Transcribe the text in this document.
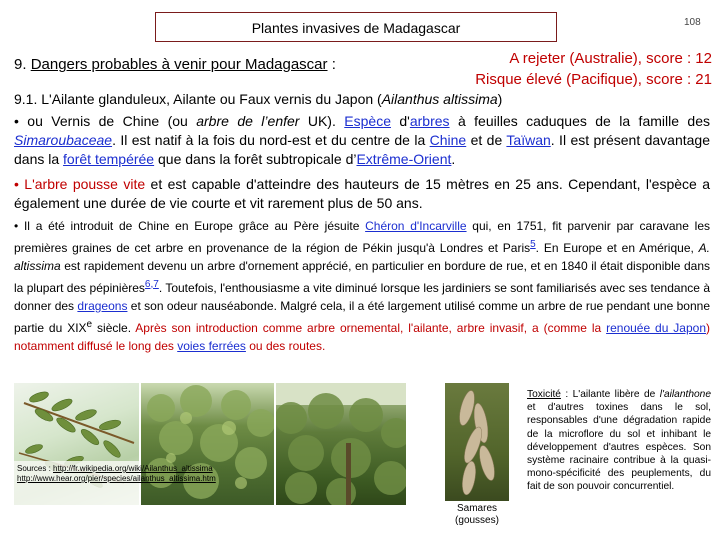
Plantes invasives de Madagascar	108
9. Dangers probables à venir pour Madagascar :	A rejeter (Australie), score : 12
Risque élevé (Pacifique), score : 21
9.1. L'Ailante glanduleux, Ailante ou Faux vernis du Japon (Ailanthus altissima)
• ou Vernis de Chine (ou arbre de l’enfer UK). Espèce d'arbres à feuilles caduques de la famille des Simaroubaceae. Il est natif à la fois du nord-est et du centre de la Chine et de Taïwan. Il est présent davantage dans la forêt tempérée que dans la forêt subtropicale d’Extrême-Orient.
• L'arbre pousse vite et est capable d'atteindre des hauteurs de 15 mètres en 25 ans. Cependant, l'espèce a également une durée de vie courte et vit rarement plus de 50 ans.
• Il a été introduit de Chine en Europe grâce au Père jésuite Chéron d'Incarville qui, en 1751, fit parvenir par caravane les premières graines de cet arbre en provenance de la région de Pékin jusqu'à Londres et Paris$^5$. En Europe et en Amérique, A. altissima est rapidement devenu un arbre d'ornement apprécié, en particulier en bordure de rue, et en 1840 il était disponible dans la plupart des pépinières$^{6,7}$. Toutefois, l'enthousiasme a vite diminué lorsque les jardiniers se sont familiarisés avec ses tendance à donner des drageons et son odeur nauséabonde. Malgré cela, il a été largement utilisé comme un arbre de rue pendant une bonne partie du XIXe siècle. Après son introduction comme arbre ornemental, l'ailante, arbre invasif, a (comme la renouée du Japon) notamment diffusé le long des voies ferrées ou des routes.
Sources : http://fr.wikipedia.org/wiki/Ailanthus_altissima
http://www.hear.org/pier/species/ailanthus_altissima.htm
Samares
(gousses)
Toxicité : L'ailante libère de l'ailanthone et d'autres toxines dans le sol, responsables d'une dégradation rapide de la microflore du sol et inhibant le développement d'autres espèces. Son système racinaire contribue à la quasi-mono-spécificité des peuplements, du fait de son pouvoir concurrentiel.
